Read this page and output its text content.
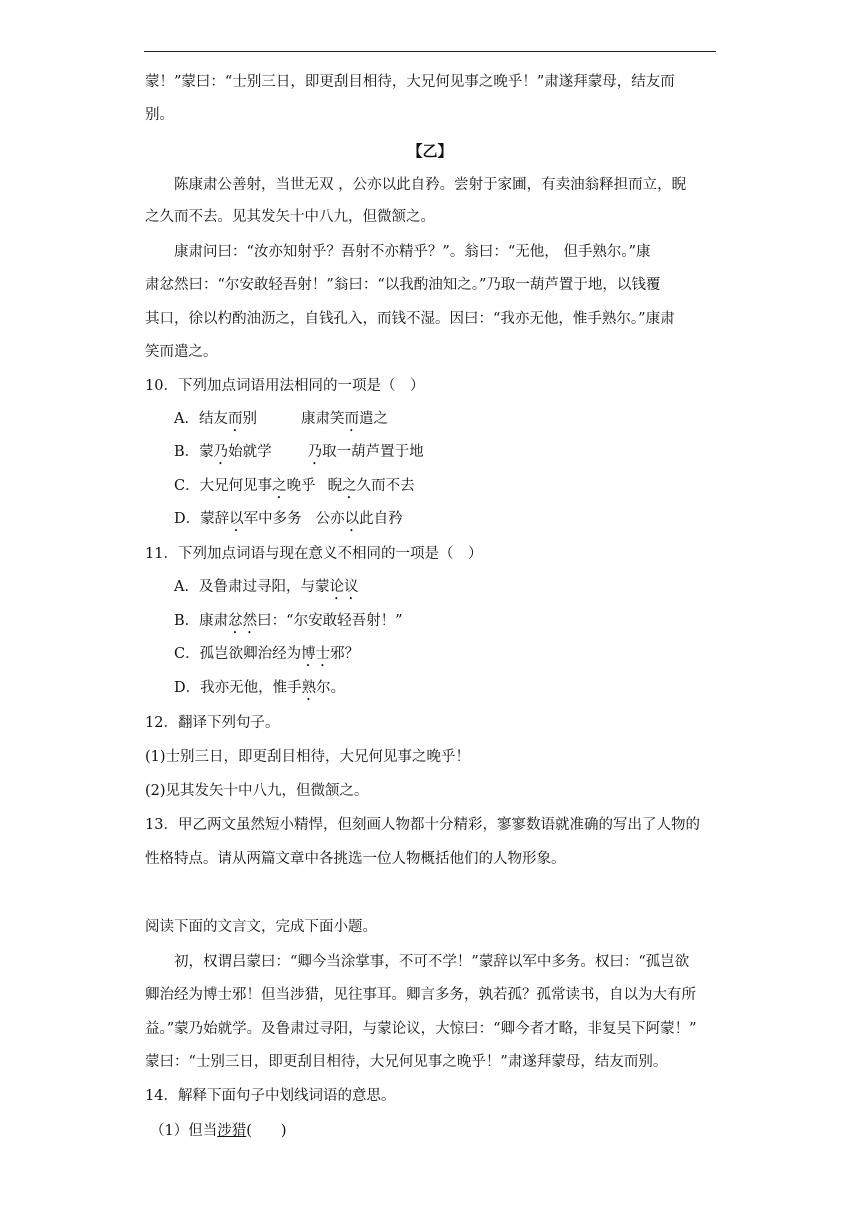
蒙！”蒙曰：“士别三日，即更刮目相待，大兄何见事之晚乎！”肃遂拜蒙母，结友而
别。
【乙】
陈康肃公善射，当世无双 ，公亦以此自矜。尝射于家圃，有卖油翁释担而立，睨
之久而不去。见其发矢十中八九，但微颔之。
康肃问曰：“汝亦知射乎？吾射不亦精乎？”。翁曰：“无他， 但手熟尔。”康
肃忿然曰：“尔安敢轻吾射！”翁曰：“以我酌油知之。”乃取一葫芦置于地，以钱覆
其口，徐以杓酌油沥之，自钱孔入，而钱不湿。因曰：“我亦无他，惟手熟尔。”康肃
笑而遣之。
10．下列加点词语用法相同的一项是（　）
A．结友而别	康肃笑而遣之
B．蒙乃始就学 乃取一葫芦置于地
C．大兄何见事之晚乎 睨之久而不去
D．蒙辞以军中多务 公亦以此自矜
11．下列加点词语与现在意义不相同的一项是（　）
A．及鲁肃过寻阳，与蒙论议
B．康肃忿然曰：“尔安敢轻吾射！”
C．孤岂欲卿治经为博士邪？
D．我亦无他，惟手熟尔。
12．翻译下列句子。
(1)士别三日，即更刮目相待，大兄何见事之晚乎！
(2)见其发矢十中八九，但微颔之。
13．甲乙两文虽然短小精悍，但刻画人物都十分精彩，寥寥数语就准确的写出了人物的
性格特点。请从两篇文章中各挑选一位人物概括他们的人物形象。
阅读下面的文言文，完成下面小题。
初，权谓吕蒙曰：“卿今当涂掌事，不可不学！”蒙辞以军中多务。权曰：“孤岂欲
卿治经为博士邪！但当涉猎，见往事耳。卿言多务，孰若孤？孤常读书，自以为大有所
益。”蒙乃始就学。及鲁肃过寻阳，与蒙论议，大惊曰：“卿今者才略，非复吴下阿蒙！”
蒙曰：“士别三日，即更刮目相待，大兄何见事之晚乎！”肃遂拜蒙母，结友而别。
14．解释下面句子中划线词语的意思。
（1）但当涉猎(　　)
